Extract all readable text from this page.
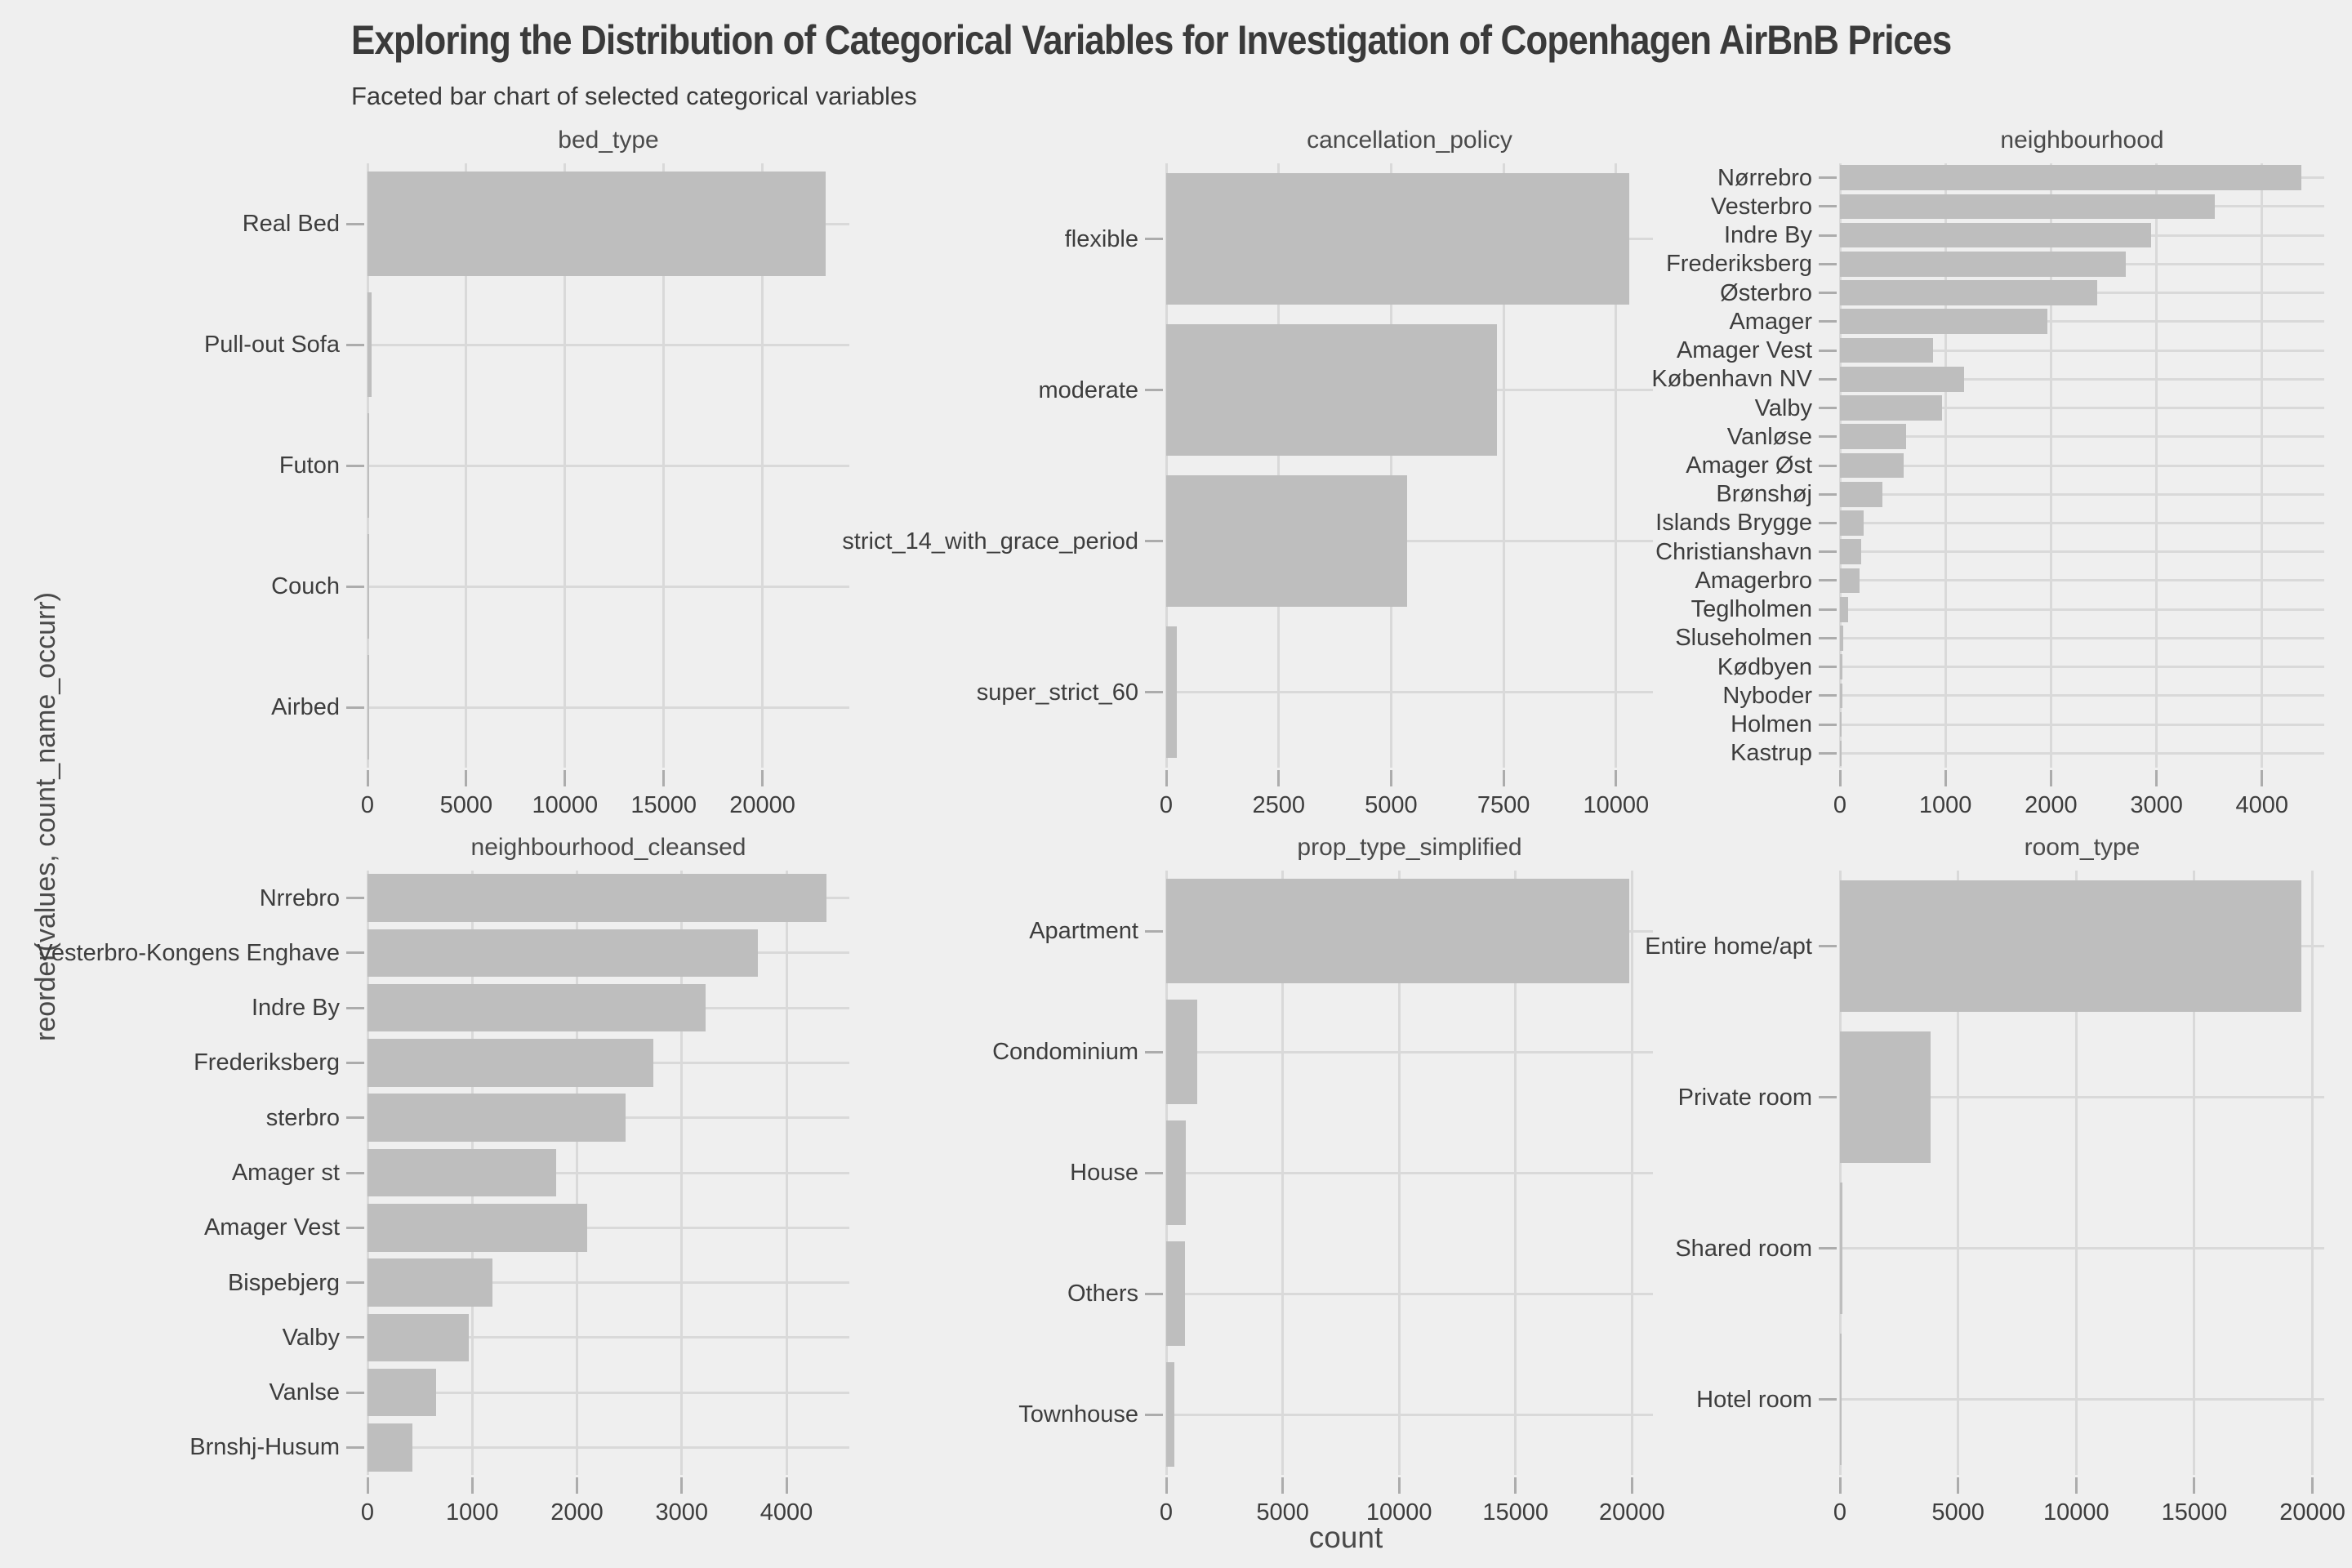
Exploring the Distribution of Categorical Variables for Investigation of Copenhagen AirBnB Prices
Faceted bar chart of selected categorical variables
count
reorder(values, count_name_occurr)
bed_type
0	5000	10000	15000	20000
Real Bed
Pull-out Sofa
Futon
Couch
Airbed
cancellation_policy
0	2500	5000	7500	10000
flexible
moderate
strict_14_with_grace_period
super_strict_60
neighbourhood
0	1000	2000	3000	4000
Nørrebro
Vesterbro
Indre By
Frederiksberg
Østerbro
Amager
Amager Vest
København NV
Valby
Vanløse
Amager Øst
Brønshøj
Islands Brygge
Christianshavn
Amagerbro
Teglholmen
Sluseholmen
Kødbyen
Nyboder
Holmen
Kastrup
neighbourhood_cleansed
0	1000	2000	3000	4000
Nrrebro
Vesterbro-Kongens Enghave
Indre By
Frederiksberg
sterbro
Amager st
Amager Vest
Bispebjerg
Valby
Vanlse
Brnshj-Husum
prop_type_simplified
0	5000	10000	15000	20000
Apartment
Condominium
House
Others
Townhouse
room_type
0	5000	10000	15000	20000
Entire home/apt
Private room
Shared room
Hotel room
